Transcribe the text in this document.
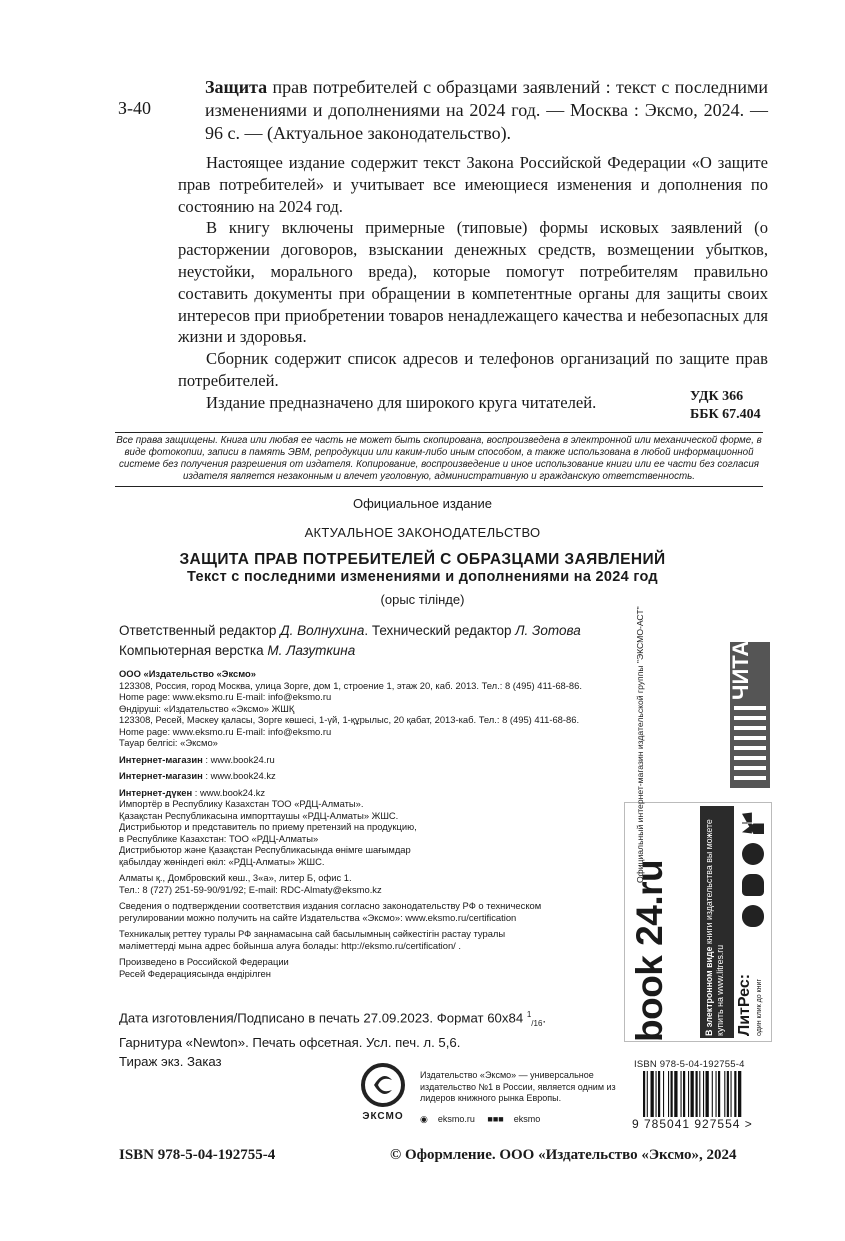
З-40
Защита прав потребителей с образцами заявлений : текст с последними изменениями и дополнениями на 2024 год. — Москва : Эксмо, 2024. — 96 с. — (Актуальное законодательство).

Настоящее издание содержит текст Закона Российской Федерации «О защите прав потребителей» и учитывает все имеющиеся изменения и дополнения по состоянию на 2024 год.

В книгу включены примерные (типовые) формы исковых заявлений (о расторжении договоров, взыскании денежных средств, возмещении убытков, неустойки, морального вреда), которые помогут потребителям правильно составить документы при обращении в компетентные органы для защиты своих интересов при приобретении товаров ненадлежащего качества и небезопасных для жизни и здоровья.

Сборник содержит список адресов и телефонов организаций по защите прав потребителей.

Издание предназначено для широкого круга читателей.	УДК 366
ББК 67.404
Все права защищены. Книга или любая ее часть не может быть скопирована, воспроизведена в электронной или механической форме, в виде фотокопии, записи в память ЭВМ, репродукции или каким-либо иным способом, а также использована в любой информационной системе без получения разрешения от издателя. Копирование, воспроизведение и иное использование книги или ее части без согласия издателя является незаконным и влечет уголовную, административную и гражданскую ответственность.
Официальное издание
АКТУАЛЬНОЕ ЗАКОНОДАТЕЛЬСТВО
ЗАЩИТА ПРАВ ПОТРЕБИТЕЛЕЙ С ОБРАЗЦАМИ ЗАЯВЛЕНИЙ
Текст с последними изменениями и дополнениями на 2024 год
(орыс тілінде)
Ответственный редактор Д. Волнухина. Технический редактор Л. Зотова
Компьютерная верстка М. Лазуткина
ООО «Издательство «Эксмо»
123308, Россия, город Москва, улица Зорге, дом 1, строение 1, этаж 20, каб. 2013. Тел.: 8 (495) 411-68-86.
Home page: www.eksmo.ru E-mail: info@eksmo.ru
Өндіруші: «Издательство «Эксмо» ЖШҚ
123308, Ресей, Мәскеу қаласы, Зорге көшесі, 1-үй, 1-құрылыс, 20 қабат, 2013-каб. Тел.: 8 (495) 411-68-86.
Home page: www.eksmo.ru E-mail: info@eksmo.ru
Тауар белгісі: «Эксмо»
Интернет-магазин : www.book24.ru
Интернет-магазин : www.book24.kz
Интернет-дүкен : www.book24.kz
Импортёр в Республику Казахстан ТОО «РДЦ-Алматы».
Қазақстан Республикасына импорттаушы «РДЦ-Алматы» ЖШС.
Дистрибьютор и представитель по приему претензий на продукцию,
в Республике Казахстан: ТОО «РДЦ-Алматы»
Дистрибьютор және Қазақстан Республикасында өнімге шағымдар
қабылдау жөніндегі өкіл: «РДЦ-Алматы» ЖШС.
Алматы қ., Домбровский көш., 3«а», литер Б, офис 1.
Тел.: 8 (727) 251-59-90/91/92; E-mail: RDC-Almaty@eksmo.kz
Сведения о подтверждении соответствия издания согласно законодательству РФ о техническом
регулировании можно получить на сайте Издательства «Эксмо»: www.eksmo.ru/certification
Техникалық реттеу туралы РФ заңнамасына сай басылымның сәйкестігін растау туралы
мәліметтерді мына адрес бойынша алуға болады: http://eksmo.ru/certification/ .
Произведено в Российской Федерации
Ресей Федерациясында өндірілген
Дата изготовления/Подписано в печать 27.09.2023. Формат 60x84 $^1_{/16}$.
Гарнитура «Newton». Печать офсетная. Усл. печ. л. 5,6.
Тираж экз. Заказ
ЭКСМО
Издательство «Эксмо» — универсальное издательство №1 в России, является одним из лидеров книжного рынка Европы.
◉ eksmo.ru ■■■ eksmo
ISBN 978-5-04-192755-4
9 785041 927554 >
book 24.ru
Официальный интернет-магазин издательской группы "ЭКСМО-АСТ"
В электронном виде книги издательства вы можете
купить на www.litres.ru ЛитРес: один клик до книг
ЧИТАЙ ГОРОД
ISBN 978-5-04-192755-4	© Оформление. ООО «Издательство «Эксмо», 2024
